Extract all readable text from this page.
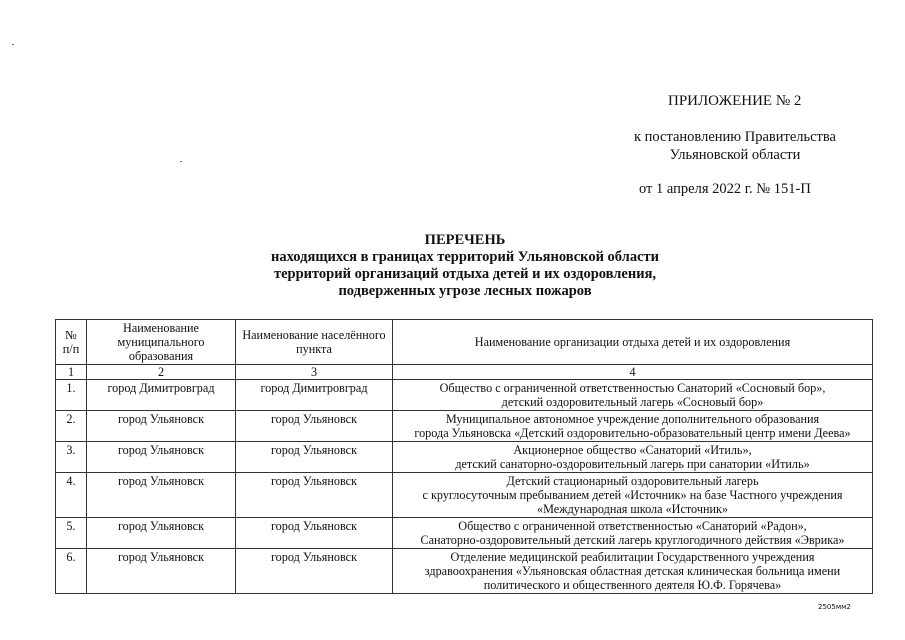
ПРИЛОЖЕНИЕ № 2
к постановлению Правительства
Ульяновской области
от 1 апреля 2022 г. № 151-П
ПЕРЕЧЕНЬ
находящихся в границах территорий Ульяновской области
территорий организаций отдыха детей и их оздоровления,
подверженных угрозе лесных пожаров
№ п/п	Наименование муниципального образования	Наименование населённого пункта	Наименование организации отдыха детей и их оздоровления
1	2	3	4
1.	город Димитровград	город Димитровград	Общество с ограниченной ответственностью Санаторий «Сосновый бор»,
детский оздоровительный лагерь «Сосновый бор»

2.	город Ульяновск	город Ульяновск	Муниципальное автономное учреждение дополнительного образования
города Ульяновска «Детский оздоровительно-образовательный центр имени Деева»

3.	город Ульяновск	город Ульяновск	Акционерное общество «Санаторий «Итиль»,
детский санаторно-оздоровительный лагерь при санатории «Итиль»

4.	город Ульяновск	город Ульяновск	Детский стационарный оздоровительный лагерь
с круглосуточным пребыванием детей «Источник» на базе Частного учреждения
«Международная школа «Источник»

5.	город Ульяновск	город Ульяновск	Общество с ограниченной ответственностью «Санаторий «Радон»,
Санаторно-оздоровительный детский лагерь круглогодичного действия «Эврика»

6.	город Ульяновск	город Ульяновск	Отделение медицинской реабилитации Государственного учреждения
здравоохранения «Ульяновская областная детская клиническая больница имени
политического и общественного деятеля Ю.Ф. Горячева»
2505мм2
